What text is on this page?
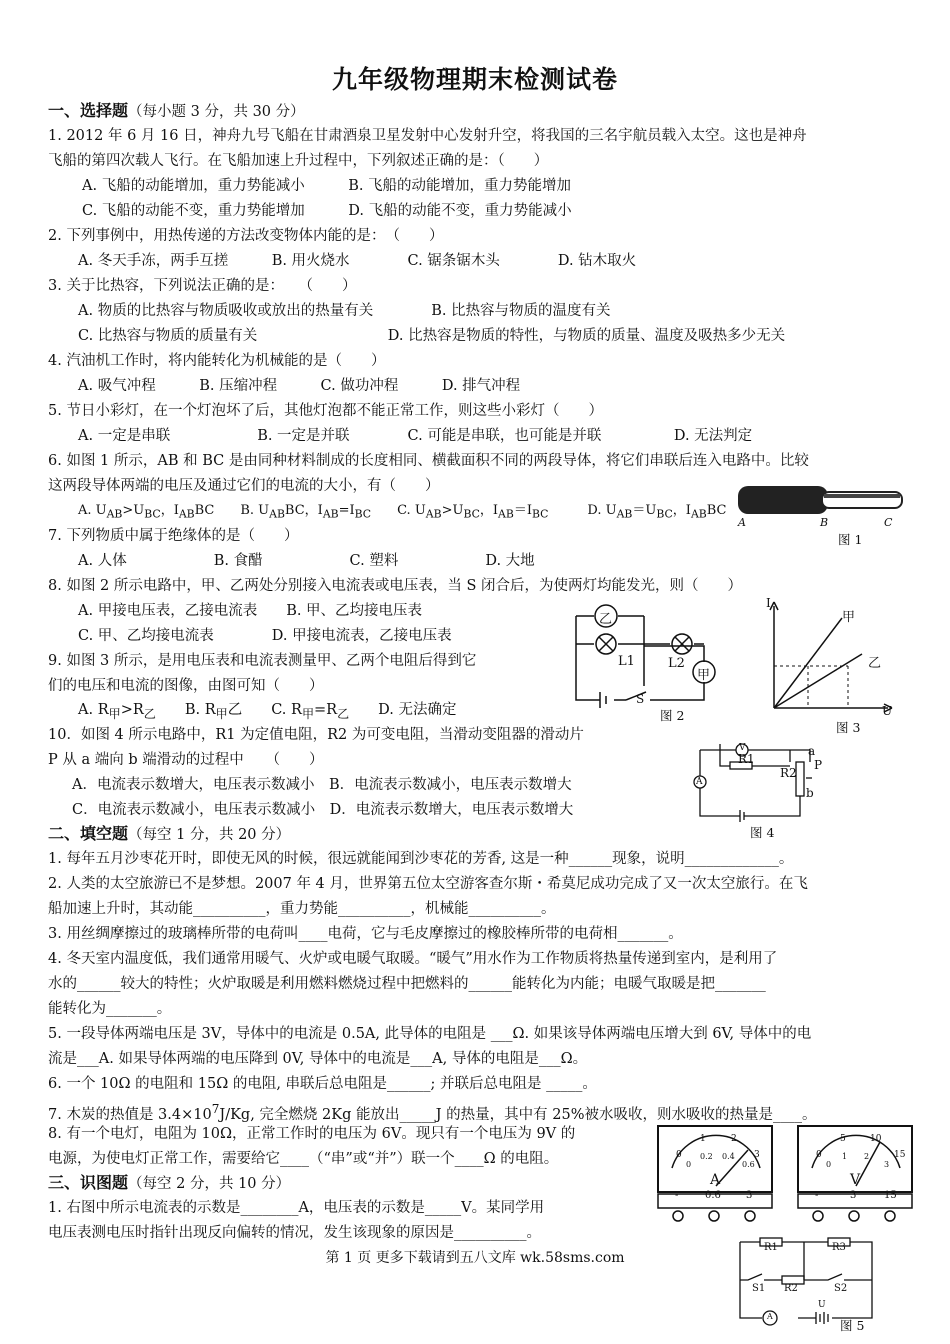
九年级物理期末检测试卷
一、选择题（每小题 3 分，共 30 分）
1. 2012 年 6 月 16 日，神舟九号飞船在甘肃酒泉卫星发射中心发射升空，将我国的三名宇航员载入太空。这也是神舟
飞船的第四次载人飞行。在飞船加速上升过程中，下列叙述正确的是：（　　）
A. 飞船的动能增加，重力势能减小　　　B. 飞船的动能增加，重力势能增加
C. 飞船的动能不变，重力势能增加　　　D. 飞船的动能不变，重力势能减小
2. 下列事例中，用热传递的方法改变物体内能的是：　（　　）
A. 冬天手冻，两手互搓　　　B. 用火烧水　　　　C. 锯条锯木头　　　　D. 钻木取火
3. 关于比热容，下列说法正确的是：　　（　　）
A. 物质的比热容与物质吸收或放出的热量有关　　　　B. 比热容与物质的温度有关
C. 比热容与物质的质量有关　　　　　　　　　D. 比热容是物质的特性，与物质的质量、温度及吸热多少无关
4. 汽油机工作时，将内能转化为机械能的是（　　）
A. 吸气冲程　　　B. 压缩冲程　　　C. 做功冲程　　　D. 排气冲程
5. 节日小彩灯，在一个灯泡坏了后，其他灯泡都不能正常工作，则这些小彩灯（　　）
A. 一定是串联　　　　　　B. 一定是并联　　　　C. 可能是串联，也可能是并联　　　　　D. 无法判定
6. 如图 1 所示，AB 和 BC 是由同种材料制成的长度相同、横截面积不同的两段导体，将它们串联后连入电路中。比较
这两段导体两端的电压及通过它们的电流的大小，有（　　）
A. $U_{AB}>U_{BC}$，$I_{AB}BC$　　B. $U_{AB}BC$，$I_{AB}=I_{BC}$　　C. $U_{AB}>U_{BC}$，$I_{AB}=I_{BC}$　　　D. $U_{AB}=U_{BC}$，$I_{AB}BC$
7. 下列物质中属于绝缘体的是（　　）
A. 人体　　　　　　B. 食醋　　　　　　C. 塑料　　　　　　D. 大地
8. 如图 2 所示电路中，甲、乙两处分别接入电流表或电压表，当 S 闭合后，为使两灯均能发光，则（　　）
A. 甲接电压表，乙接电流表　　B. 甲、乙均接电压表
C. 甲、乙均接电流表　　　　D. 甲接电流表，乙接电压表
9. 如图 3 所示，是用电压表和电流表测量甲、乙两个电阻后得到它
们的电压和电流的图像，由图可知（　　）
A. $R_甲>R_乙$　　B. $R_甲$乙　　C. $R_甲=R_乙$　　D. 无法确定
10．如图 4 所示电路中，R1 为定值电阻，R2 为可变电阻，当滑动变阻器的滑动片
P 从 a 端向 b 端滑动的过程中　　（　　）
A．电流表示数增大，电压表示数减小　B．电流表示数减小，电压表示数增大
C．电流表示数减小，电压表示数减小　D．电流表示数增大，电压表示数增大
二、填空题（每空 1 分，共 20 分）
1. 每年五月沙枣花开时，即使无风的时候，很远就能闻到沙枣花的芳香, 这是一种______现象，说明_____________。
2. 人类的太空旅游已不是梦想。2007 年 4 月，世界第五位太空游客查尔斯・希莫尼成功完成了又一次太空旅行。在飞
船加速上升时，其动能__________，重力势能__________，机械能__________。
3. 用丝绸摩擦过的玻璃棒所带的电荷叫____电荷，它与毛皮摩擦过的橡胶棒所带的电荷相_______。
4. 冬天室内温度低，我们通常用暖气、火炉或电暖气取暖。“暖气”用水作为工作物质将热量传递到室内，是利用了
水的______较大的特性；火炉取暖是利用燃料燃烧过程中把燃料的______能转化为内能；电暖气取暖是把_______
能转化为_______。
5. 一段导体两端电压是 3V，导体中的电流是 0.5A, 此导体的电阻是 ___Ω. 如果该导体两端电压增大到 6V, 导体中的电
流是___A. 如果导体两端的电压降到 0V, 导体中的电流是___A, 导体的电阻是___Ω。
6. 一个 10Ω 的电阻和 15Ω 的电阻, 串联后总电阻是______; 并联后总电阻是 _____。
7. 木炭的热值是 $3.4\times 10^7J/Kg$, 完全燃烧 2Kg 能放出_____J 的热量，其中有 25%被水吸收，则水吸收的热量是____。
8. 有一个电灯，电阻为 10Ω，正常工作时的电压为 6V。现只有一个电压为 9V 的
电源，为使电灯正常工作，需要给它____（“串”或“并”）联一个____Ω 的电阻。
三、识图题（每空 2 分，共 10 分）
1. 右图中所示电流表的示数是________A，电压表的示数是_____V。某同学用
电压表测电压时指针出现反向偏转的情况，发生该现象的原因是__________。
A	B	C
图 1
乙
甲
L1	L2
S
图 2
I
U
甲
乙
图 3
V
R1
R2
a
b
P
A
图 4
0
1	2
3
0
0.2 0.4
0.6
A
-	0.6	3
0
5	10
15
0
1 2
3
V
-	3	15
R1	R3
S1 R2	S2
U
A
图 5
第 1 页 更多下载请到五八文库 wk.58sms.com
